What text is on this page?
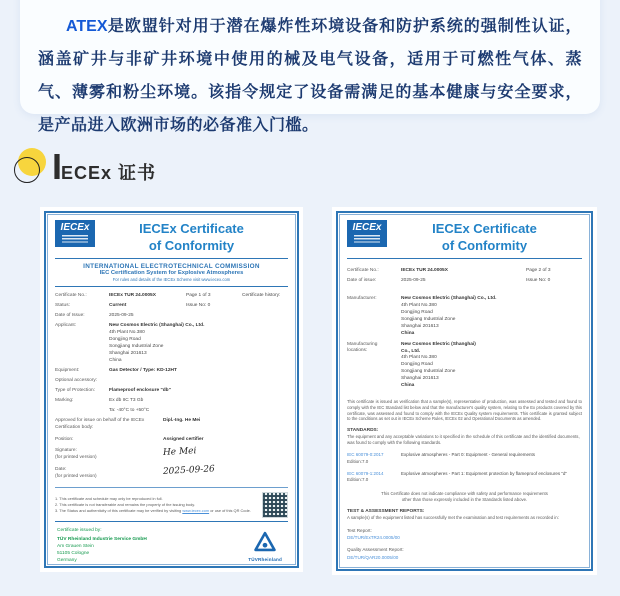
ATEX是欧盟针对用于潜在爆炸性环境设备和防护系统的强制性认证，涵盖矿井与非矿井环境中使用的械及电气设备，适用于可燃性气体、蒸气、薄雾和粉尘环境。该指令规定了设备需满足的基本健康与安全要求，是产品进入欧洲市场的必备准入门槛。

I ECEx 证书
IECEx	IECEx Certificate
of Conformity
INTERNATIONAL ELECTROTECHNICAL COMMISSION
IEC Certification System for Explosive Atmospheres
For rules and details of the IECEx Scheme visit www.iecex.com
Certificate No.:	IECEx TUR 24.0005X	Page 1 of 3	Certificate history:
Status:	Current	Issue No: 0
Date of Issue:	2025-09-25
Applicant:	New Cosmos Electric (Shanghai) Co., Ltd.
4th Plant No.380
Dongjing Road
Songjiang Industrial Zone
Shanghai 201613
China
Equipment:	Gas Detector / Type: KD-12HT
Optional accessory:
Type of Protection:	Flameproof enclosure "db"
Marking:	Ex db IIC T3 Gb
Ta: -40°C to +50°C
Approved for issue on behalf of the IECEx
Certification body:
Dipl.-Ing. He Mei
Position:	Assigned certifier
Signature:
(for printed version)	He Mei
Date:
(for printed version)	2025-09-26
1. This certificate and schedule may only be reproduced in full.
2. This certificate is not transferable and remains the property of the issuing body.
3. The Status and authenticity of this certificate may be verified by visiting www.iecex.com or use of this QR Code.
Certificate issued by:
TÜV Rheinland Industrie Service GmbH
Am Grauen Stein
51105 Cologne
Germany	TÜVRheinland
IECEx	IECEx Certificate
of Conformity
Certificate No.:	IECEx TUR 24.0005X	Page 2 of 3
Date of issue:	2025-09-25	Issue No: 0
Manufacturer:	New Cosmos Electric (Shanghai) Co., Ltd.
4th Plant No.380
Dongjing Road
Songjiang Industrial Zone
Shanghai 201613
China
Manufacturing
locations:
New Cosmos Electric (Shanghai)
Co., Ltd.
4th Plant No.380
Dongjing Road
Songjiang Industrial Zone
Shanghai 201613
China
This certificate is issued as verification that a sample(s), representative of production, was assessed and tested and found to comply with the IEC Standard list below and that the manufacturer's quality system, relating to the Ex products covered by this certificate, was assessed and found to comply with the IECEx Quality system requirements. This certificate is granted subject to the conditions as set out in IECEx Scheme Rules, IECEx 02 and Operational Documents as amended.
STANDARDS:
The equipment and any acceptable variations to it specified in the schedule of this certificate and the identified documents, was found to comply with the following standards.
IEC 60079-0:2017
Edition:7.0
Explosive atmospheres - Part 0: Equipment - General requirements
IEC 60079-1:2014
Edition:7.0
Explosive atmospheres - Part 1: Equipment protection by flameproof enclosures "d"
This Certificate does not indicate compliance with safety and performance requirements
other than those expressly included in the Standards listed above.
TEST & ASSESSMENT REPORTS:
A sample(s) of the equipment listed has successfully met the examination and test requirements as recorded in:
Test Report:
DE/TUR/ExTR24.0005/00
Quality Assessment Report:
DE/TUR/QAR20.0005/00
